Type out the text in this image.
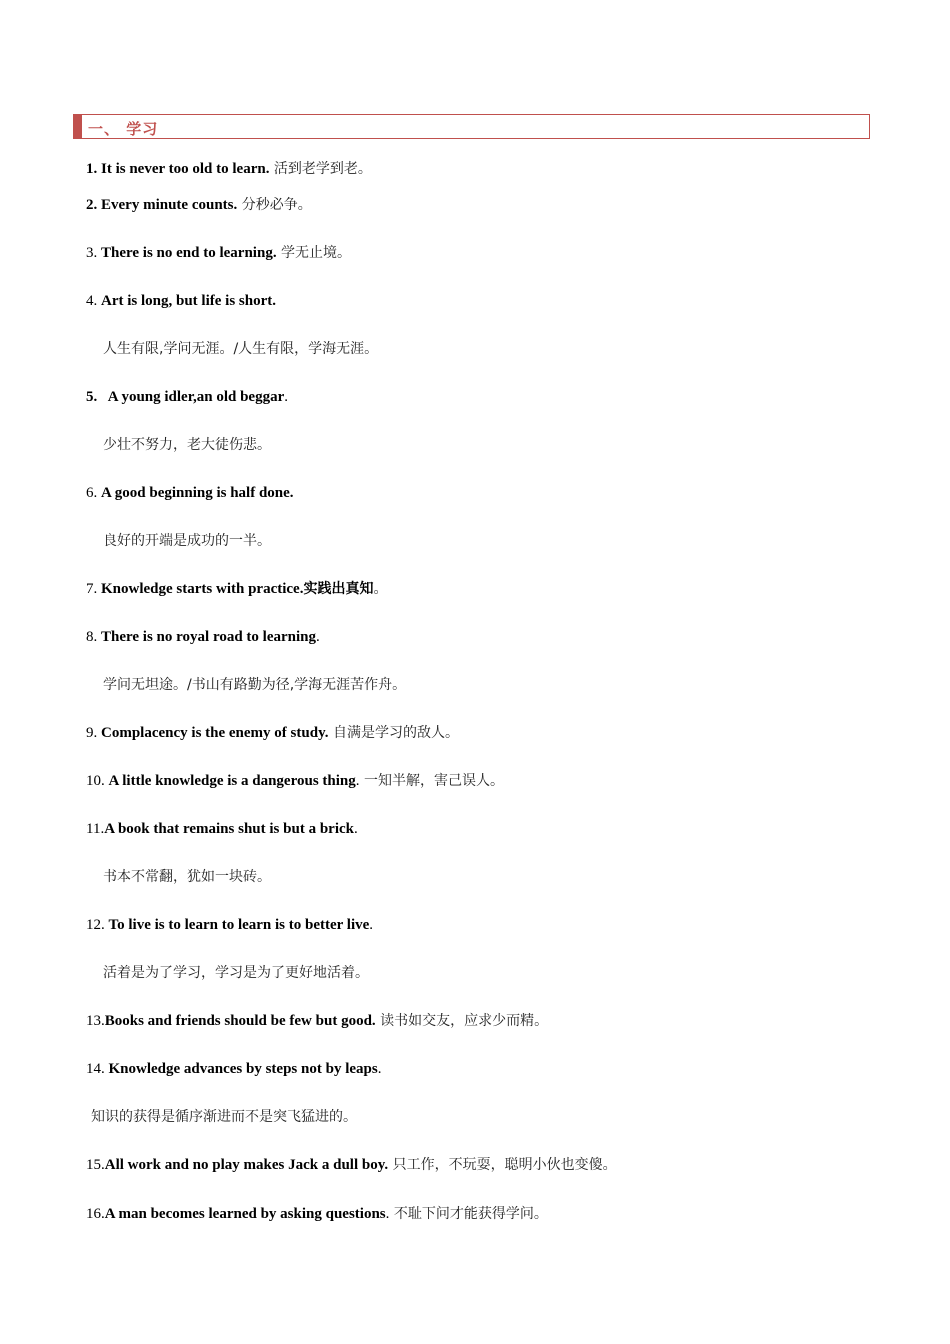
一、 学习
1. It is never too old to learn. 活到老学到老。
2. Every minute counts. 分秒必争。
3. There is no end to learning. 学无止境。
4. Art is long, but life is short.
人生有限,学问无涯。/人生有限，学海无涯。
5.   A young idler,an old beggar.
少壮不努力，老大徒伤悲。
6. A good beginning is half done.
良好的开端是成功的一半。
7. Knowledge starts with practice.实践出真知。
8. There is no royal road to learning.
学问无坦途。/书山有路勤为径,学海无涯苦作舟。
9. Complacency is the enemy of study. 自满是学习的敌人。
10. A little knowledge is a dangerous thing. 一知半解，害己误人。
11.A book that remains shut is but a brick.
书本不常翻，犹如一块砖。
12. To live is to learn to learn is to better live.
活着是为了学习，学习是为了更好地活着。
13.Books and friends should be few but good. 读书如交友，应求少而精。
14. Knowledge advances by steps not by leaps.
知识的获得是循序渐进而不是突飞猛进的。
15.All work and no play makes Jack a dull boy. 只工作，不玩耍，聪明小伙也变傻。
16.A man becomes learned by asking questions. 不耻下问才能获得学问。
